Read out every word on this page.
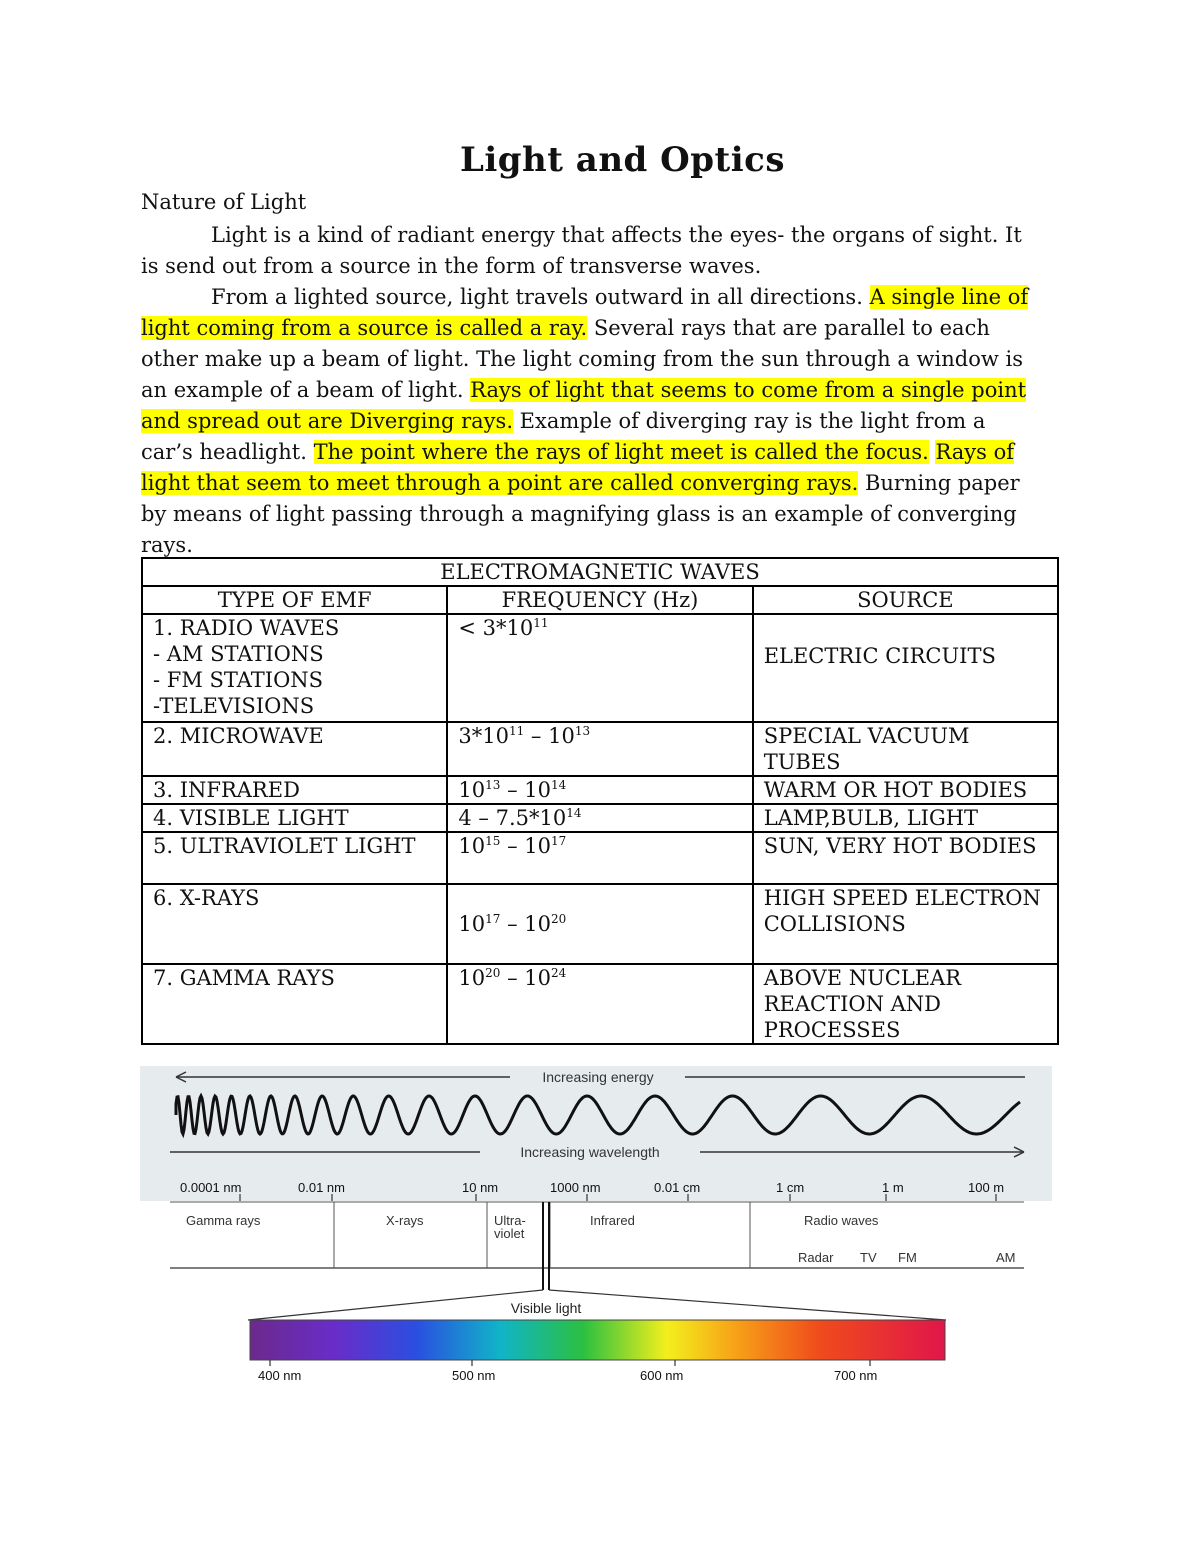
Light and Optics
Nature of Light

Light is a kind of radiant energy that affects the eyes- the organs of sight. It is send out from a source in the form of transverse waves.

From a lighted source, light travels outward in all directions. A single line of light coming from a source is called a ray. Several rays that are parallel to each other make up a beam of light. The light coming from the sun through a window is an example of a beam of light. Rays of light that seems to come from a single point and spread out are Diverging rays. Example of diverging ray is the light from a car’s headlight. The point where the rays of light meet is called the focus. Rays of light that seem to meet through a point are called converging rays. Burning paper by means of light passing through a magnifying glass is an example of converging rays.

ELECTROMAGNETIC WAVES		
TYPE OF EMF	FREQUENCY (Hz)	SOURCE

1. RADIO WAVES
- AM STATIONS
- FM STATIONS
-TELEVISIONS	< $3*10^{11}$	ELECTRIC CIRCUITS
2. MICROWAVE	$3*10^{11} - 10^{13}$	SPECIAL VACUUM TUBES
3. INFRARED	$10^{13} - 10^{14}$	WARM OR HOT BODIES
4. VISIBLE LIGHT	$4 - 7.5*10^{14}$	LAMP,BULB, LIGHT
5. ULTRAVIOLET LIGHT	$10^{15} - 10^{17}$	SUN, VERY HOT BODIES
6. X-RAYS	$10^{17} - 10^{20}$	HIGH SPEED ELECTRON COLLISIONS
7. GAMMA RAYS	$10^{20} - 10^{24}$	ABOVE NUCLEAR REACTION AND PROCESSES
Increasing energy
Increasing wavelength
0.0001 nm	0.01 nm	10 nm	1000 nm	0.01 cm	1 cm	1 m	100 m
Gamma rays	X-rays	Ultra-
violet
Infrared	Radio waves
Radar TV FM	AM
Visible light
400 nm	500 nm	600 nm	700 nm
